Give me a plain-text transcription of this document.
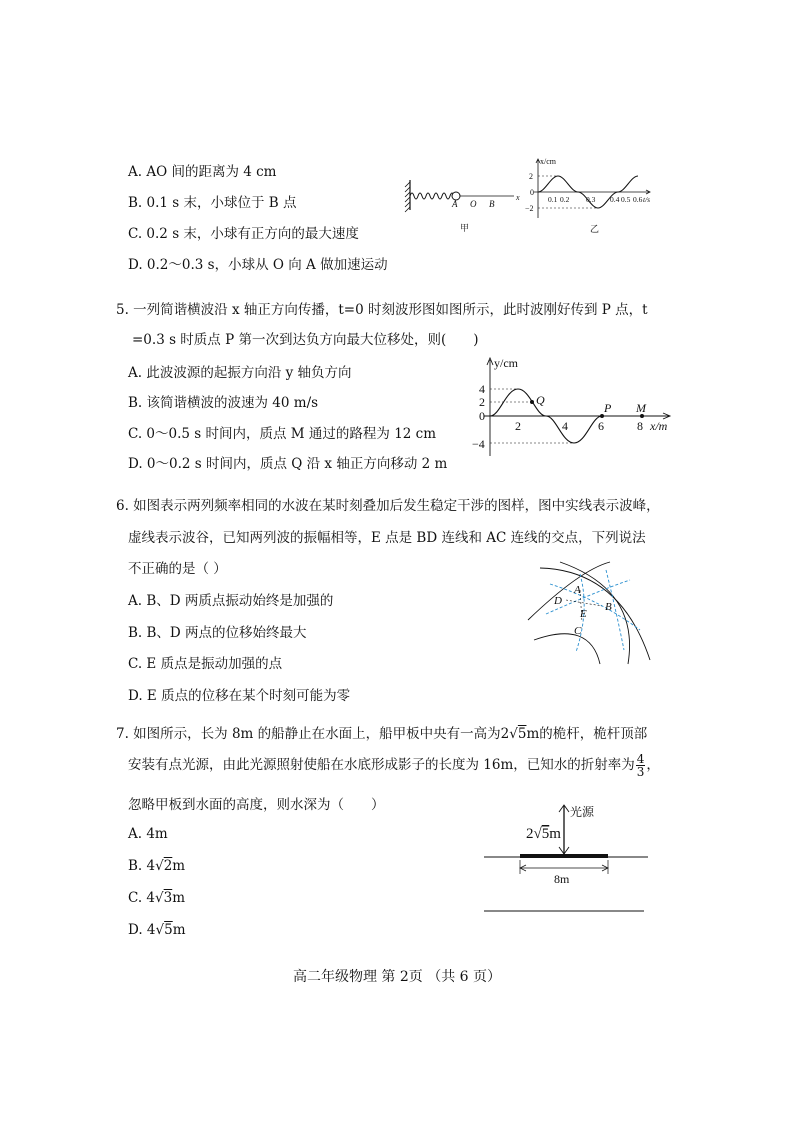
A. AO 间的距离为 4 cm
B. 0.1 s 末，小球位于 B 点
C. 0.2 s 末，小球有正方向的最大速度
D. 0.2～0.3 s，小球从 O 向 A 做加速运动
A O B
x
甲
x/cm
2
−2
0
0.1 0.2 0.3 0.4 0.5 0.6 t/s
乙
5. 一列简谐横波沿 x 轴正方向传播，t=0 时刻波形图如图所示，此时波刚好传到 P 点，t
=0.3 s 时质点 P 第一次到达负方向最大位移处，则(　　)
A. 此波波源的起振方向沿 y 轴负方向
B. 该简谐横波的波速为 40 m/s
C. 0～0.5 s 时间内，质点 M 通过的路程为 12 cm
D. 0～0.2 s 时间内，质点 Q 沿 x 轴正方向移动 2 m
y/cm
4
2
−4
0
2	4	6	8 x/m
Q
P M
6. 如图表示两列频率相同的水波在某时刻叠加后发生稳定干涉的图样，图中实线表示波峰，
虚线表示波谷，已知两列波的振幅相等，E 点是 BD 连线和 AC 连线的交点，下列说法
不正确的是（ ）
A. B、D 两质点振动始终是加强的
B. B、D 两点的位移始终最大
C. E 质点是振动加强的点
D. E 质点的位移在某个时刻可能为零
A
D
E
B
C
7. 如图所示，长为 8m 的船静止在水面上，船甲板中央有一高为2√5m的桅杆，桅杆顶部
安装有点光源，由此光源照射使船在水底形成影子的长度为 16m，已知水的折射率为 $\frac{4}{3}$ ，
忽略甲板到水面的高度，则水深为（　　）
A. 4m
B. 4√2m
C. 4√3m
D. 4√5m
光源
2√5m
8m
高二年级物理 第 2页 （共 6 页）
